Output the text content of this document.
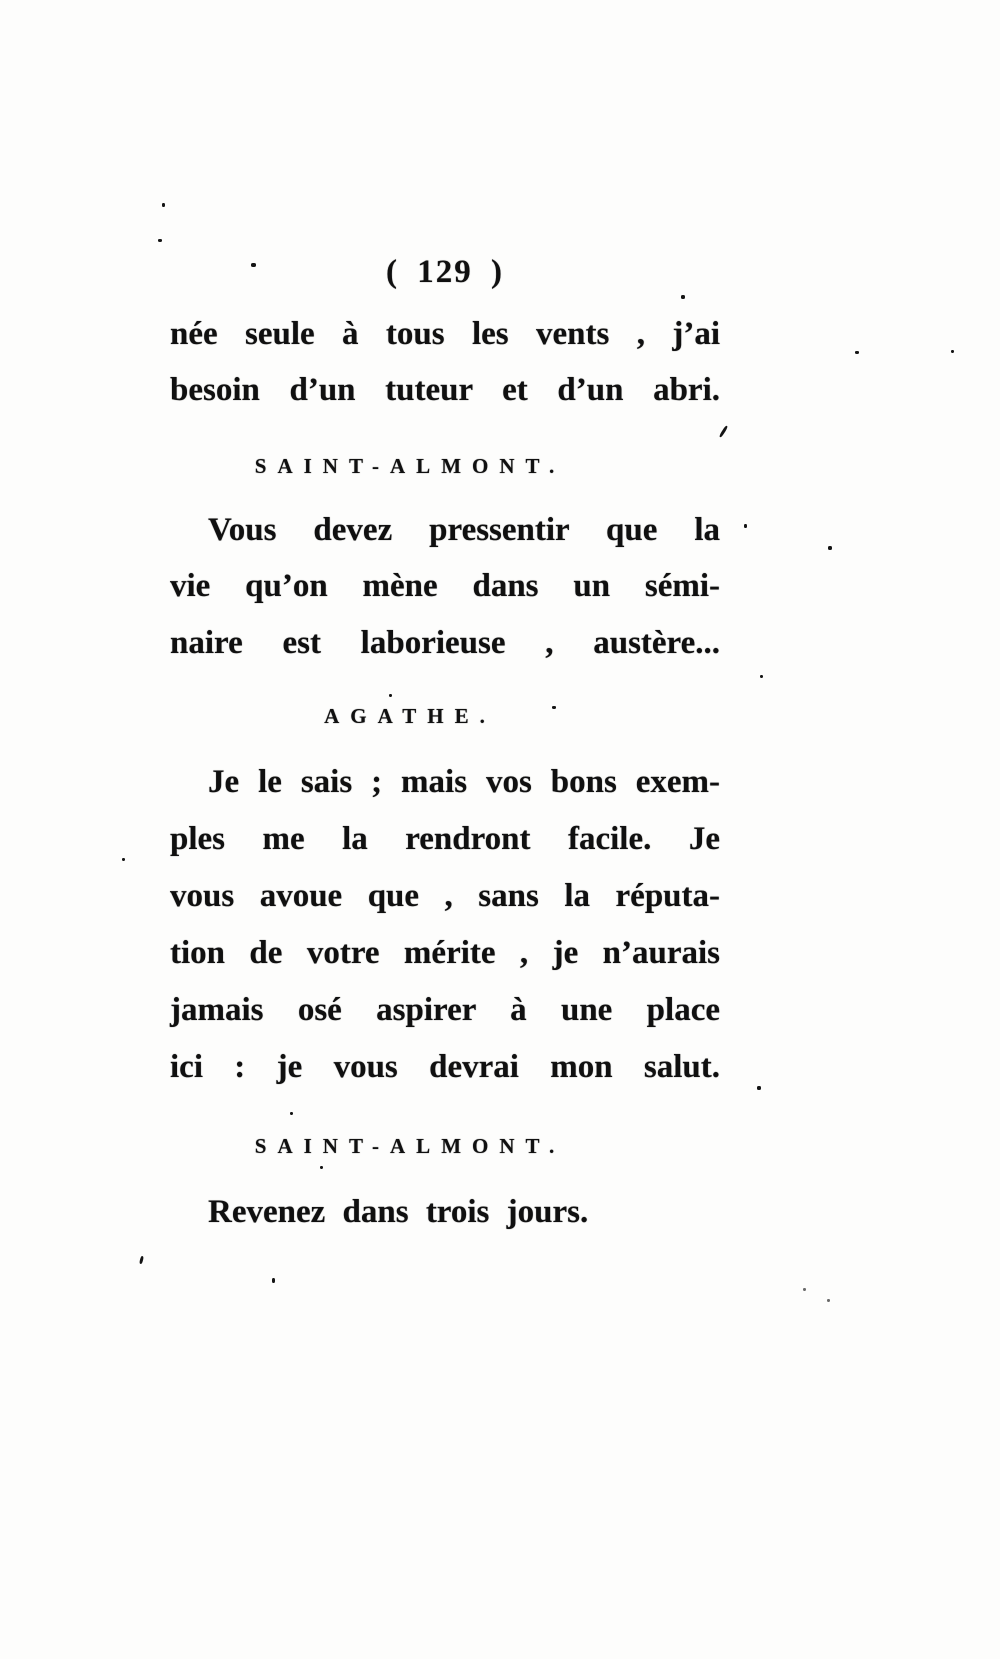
( 129 )
née seule à tous les vents , j’ai
besoin d’un tuteur et d’un abri.
SAINT-ALMONT.
Vous devez pressentir que la
vie qu’on mène dans un sémi-
naire est laborieuse , austère...
AGATHE.
Je le sais ; mais vos bons exem-
ples me la rendront facile. Je
vous avoue que , sans la réputa-
tion de votre mérite , je n’aurais
jamais osé aspirer à une place
ici : je vous devrai mon salut.
SAINT-ALMONT.
Revenez dans trois jours.
